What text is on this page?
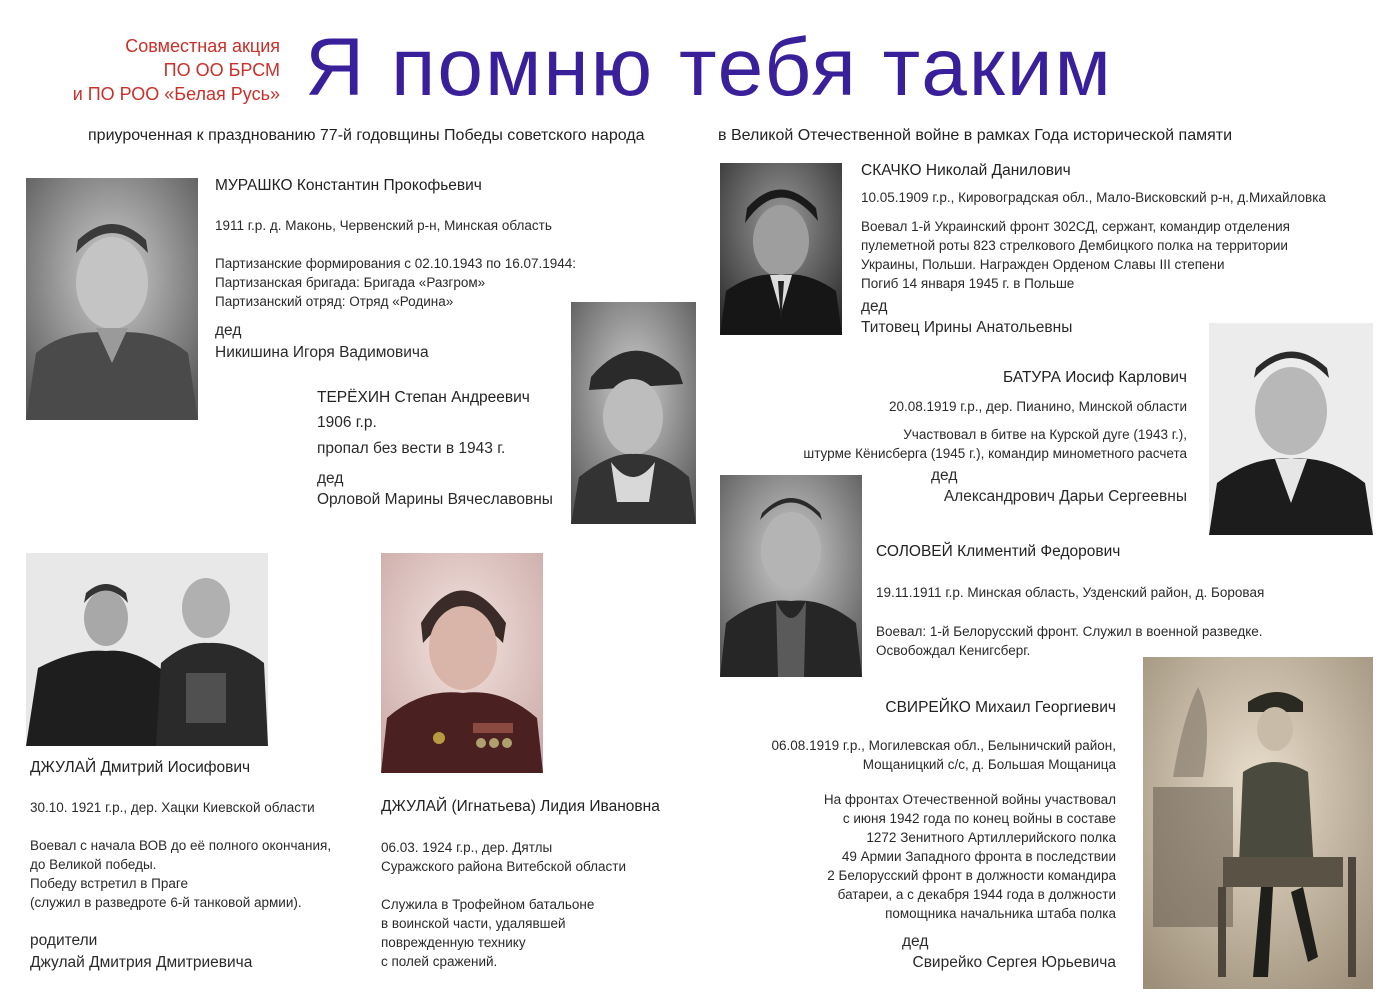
Совместная акция
ПО ОО БРСМ
и ПО РОО «Белая Русь» Я помню тебя таким
приуроченная к празднованию 77-й годовщины Победы советского народа	в Великой Отечественной войне в рамках Года исторической памяти
МУРАШКО Константин Прокофьевич
1911 г.р. д. Маконь, Червенский р-н, Минская область
Партизанские формирования с 02.10.1943 по 16.07.1944:
Партизанская бригада: Бригада «Разгром»
Партизанский отряд: Отряд «Родина»
дед
Никишина Игоря Вадимовича
ТЕРЁХИН Степан Андреевич
1906 г.р.
пропал без вести в 1943 г.
дед
Орловой Марины Вячеславовны
ДЖУЛАЙ Дмитрий Иосифович
30.10. 1921 г.р., дер. Хацки Киевской области
Воевал с начала ВОВ до её полного окончания,
до Великой победы.
Победу встретил в Праге
(служил в разведроте 6-й танковой армии).
родители
Джулай Дмитрия Дмитриевича
ДЖУЛАЙ (Игнатьева) Лидия Ивановна
06.03. 1924 г.р., дер. Дятлы
Суражского района Витебской области
Служила в Трофейном батальоне
в воинской части, удалявшей
поврежденную технику
с полей сражений.
СКАЧКО Николай Данилович
10.05.1909 г.р., Кировоградская обл., Мало-Висковский р-н, д.Михайловка
Воевал 1-й Украинский фронт 302СД, сержант, командир отделения
пулеметной роты 823 стрелкового Дембицкого полка на территории
Украины, Польши. Награжден Орденом Славы III степени
Погиб 14 января 1945 г. в Польше
дед
Титовец Ирины Анатольевны
БАТУРА Иосиф Карлович
20.08.1919 г.р., дер. Пианино, Минской области
Участвовал в битве на Курской дуге (1943 г.),
штурме Кёнисберга (1945 г.), командир минометного расчета
дед
Александрович Дарьи Сергеевны
СОЛОВЕЙ Климентий Федорович
19.11.1911 г.р. Минская область, Узденский район, д. Боровая
Воевал: 1-й Белорусский фронт. Служил в военной разведке.
Освобождал Кенигсберг.
СВИРЕЙКО Михаил Георгиевич
06.08.1919 г.р., Могилевская обл., Белыничский район,
Мощаницкий с/с, д. Большая Мощаница
На фронтах Отечественной войны участвовал
с июня 1942 года по конец войны в составе
1272 Зенитного Артиллерийского полка
49 Армии Западного фронта в последствии
2 Белорусский фронт в должности командира
батареи, а с декабря 1944 года в должности
помощника начальника штаба полка
дед
Свирейко Сергея Юрьевича
